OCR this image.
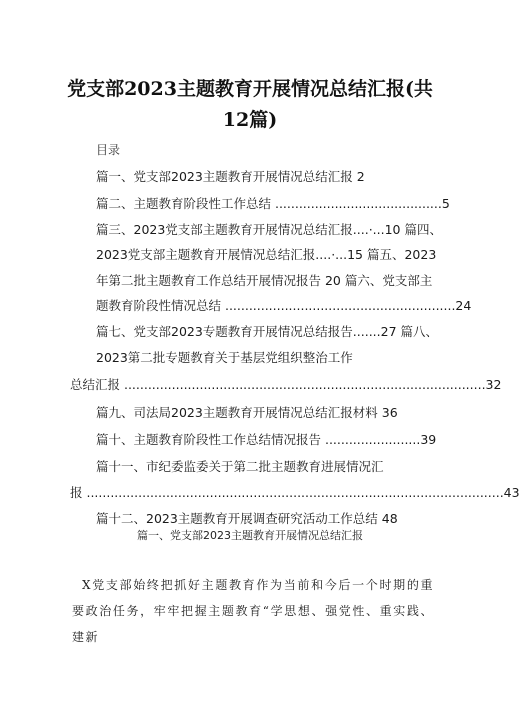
党支部2023主题教育开展情况总结汇报(共12篇)
目录
篇一、党支部2023主题教育开展情况总结汇报 2
篇二、主题教育阶段性工作总结 ..........................................5
篇三、2023党支部主题教育开展情况总结汇报....·...10 篇四、
2023党支部主题教育开展情况总结汇报....·...15 篇五、2023
年第二批主题教育工作总结开展情况报告 20 篇六、党支部主
题教育阶段性情况总结 ..........................................................24
篇七、党支部2023专题教育开展情况总结报告.......27 篇八、
2023第二批专题教育关于基层党组织整治工作
总结汇报 ...........................................................................................32
篇九、司法局2023主题教育开展情况总结汇报材料 36
篇十、主题教育阶段性工作总结情况报告 ........................39
篇十一、市纪委监委关于第二批主题教育进展情况汇
报 .........................................................................................................43
篇十二、2023主题教育开展调查研究活动工作总结 48
篇一、党支部2023主题教育开展情况总结汇报

X党支部始终把抓好主题教育作为当前和今后一个时期的重要政治任务，牢牢把握主题教育“学思想、强党性、重实践、建新
